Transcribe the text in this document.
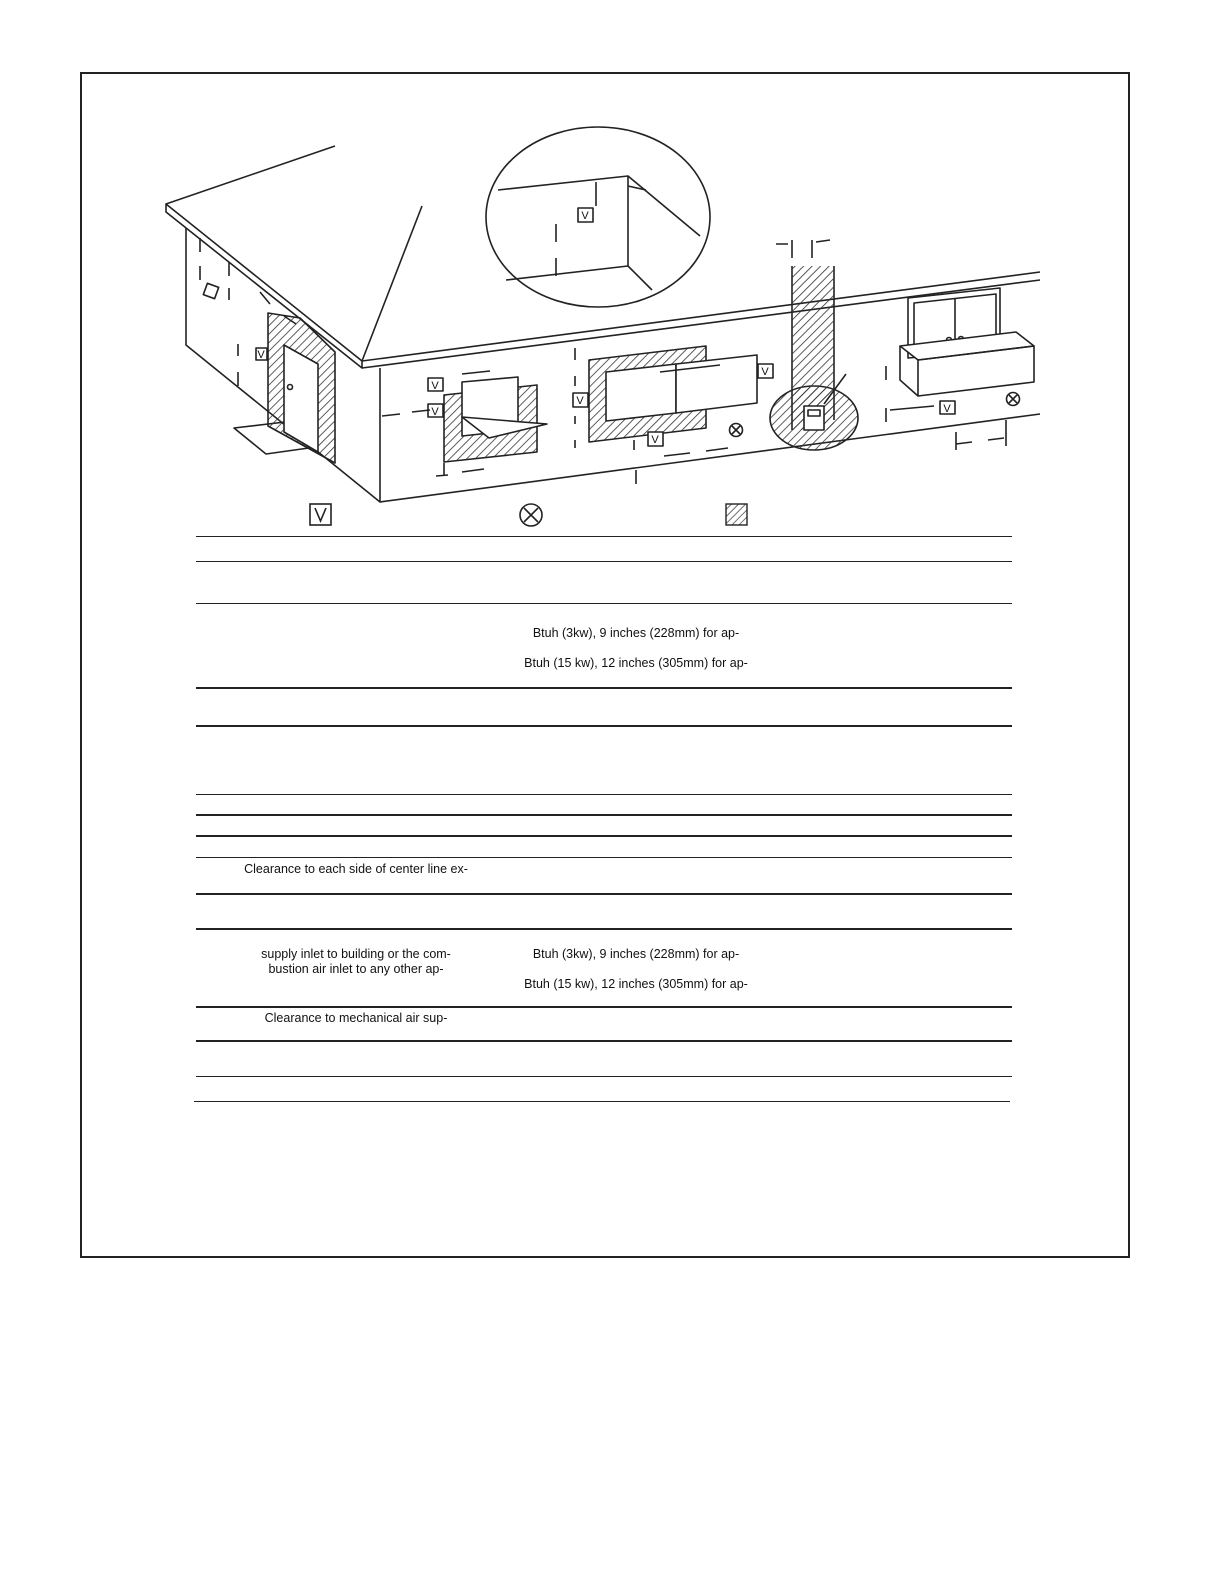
V
V
V
V
V
V
V
V
Btuh (3kw), 9 inches (228mm) for ap-
Btuh (15 kw), 12 inches (305mm) for ap-
Clearance to each side of center line ex-
supply inlet to building or the com-
bustion air inlet to any other ap-
Btuh (3kw), 9 inches (228mm) for ap-
Btuh (15 kw), 12 inches (305mm) for ap-
Clearance to mechanical air sup-
